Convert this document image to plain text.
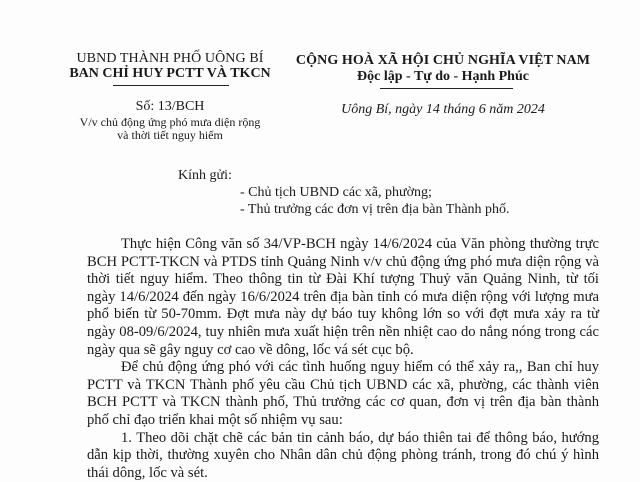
UBND THÀNH PHỐ UÔNG BÍ
BAN CHỈ HUY PCTT VÀ TKCN
Số: 13/BCH
V/v chủ động ứng phó mưa diện rộng
và thời tiết nguy hiểm
CỘNG HOÀ XÃ HỘI CHỦ NGHĨA VIỆT NAM
Độc lập - Tự do - Hạnh Phúc
Uông Bí, ngày 14 tháng 6 năm 2024
Kính gửi:
- Chủ tịch UBND các xã, phường;
- Thủ trưởng các đơn vị trên địa bàn Thành phố.

Thực hiện Công văn số 34/VP-BCH ngày 14/6/2024 của Văn phòng thường trực BCH PCTT-TKCN và PTDS tỉnh Quảng Ninh v/v chủ động ứng phó mưa diện rộng và thời tiết nguy hiểm. Theo thông tin từ Đài Khí tượng Thuỷ văn Quảng Ninh, từ tối ngày 14/6/2024 đến ngày 16/6/2024 trên địa bàn tỉnh có mưa diện rộng với lượng mưa phổ biến từ 50-70mm. Đợt mưa này dự báo tuy không lớn so với đợt mưa xảy ra từ ngày 08-09/6/2024, tuy nhiên mưa xuất hiện trên nền nhiệt cao do nắng nóng trong các ngày qua sẽ gây nguy cơ cao về dông, lốc vá sét cục bộ.

Để chủ động ứng phó với các tình huống nguy hiểm có thể xảy ra,, Ban chỉ huy PCTT và TKCN Thành phố yêu cầu Chủ tịch UBND các xã, phường, các thành viên BCH PCTT và TKCN thành phố, Thủ trưởng các cơ quan, đơn vị trên địa bàn thành phố chỉ đạo triển khai một số nhiệm vụ sau:

1. Theo dõi chặt chẽ các bản tin cảnh báo, dự báo thiên tai để thông báo, hướng dẫn kịp thời, thường xuyên cho Nhân dân chủ động phòng tránh, trong đó chú ý hình thái dông, lốc và sét.
